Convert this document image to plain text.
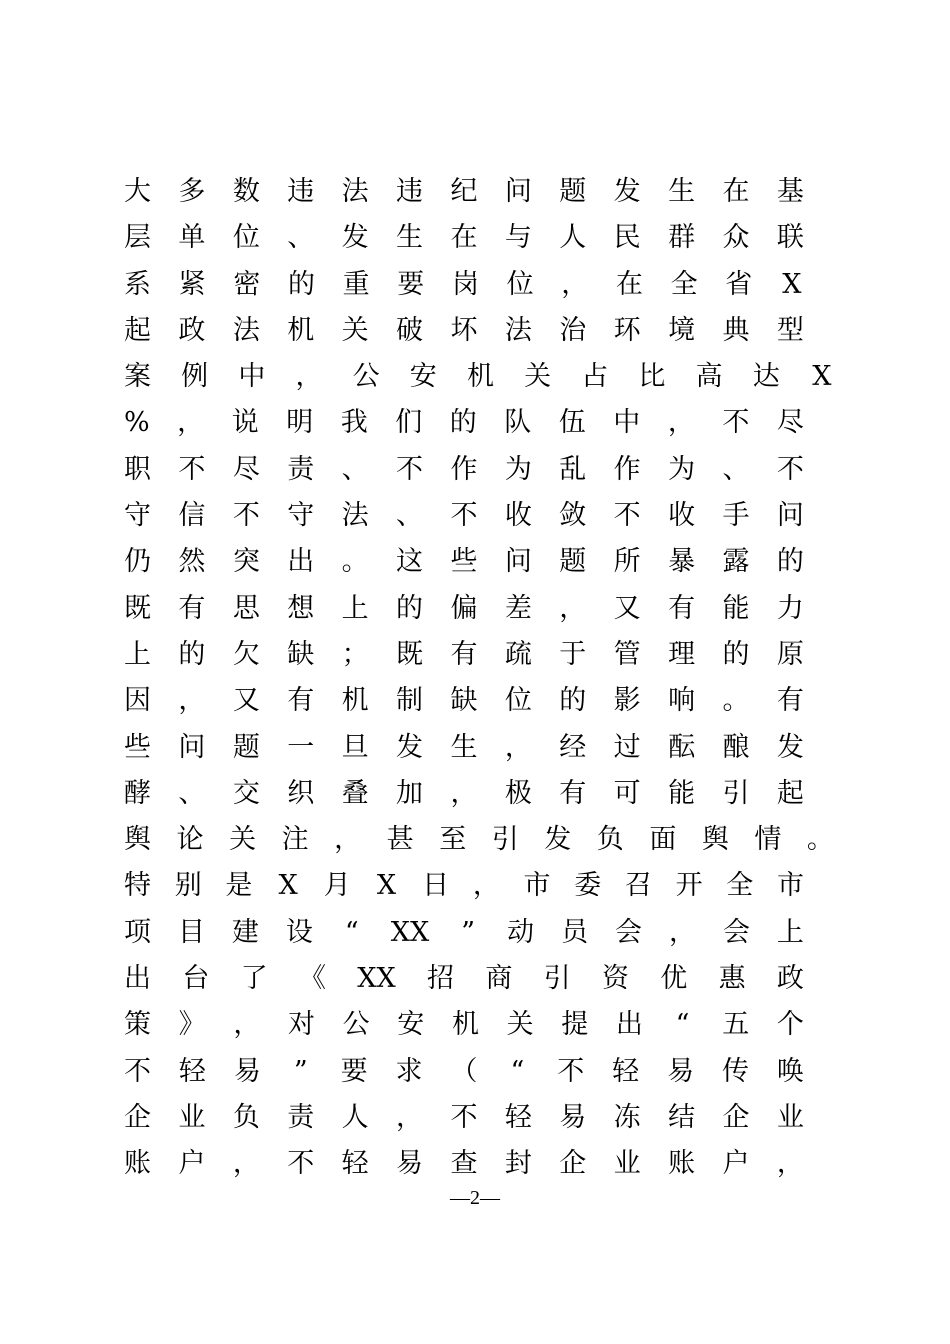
大 多 数 违 法 违 纪 问 题 发 生 在 基
层 单 位 、 发 生 在 与 人 民 群 众 联
系 紧 密 的 重 要 岗 位 ， 在 全 省 X
起 政 法 机 关 破 坏 法 治 环 境 典 型
案 例 中 ， 公 安 机 关 占 比 高 达 X
% ， 说 明 我 们 的 队 伍 中 ， 不 尽
职 不 尽 责 、 不 作 为 乱 作 为 、 不
守 信 不 守 法 、 不 收 敛 不 收 手 问
仍 然 突 出 。 这 些 问 题 所 暴 露 的
既 有 思 想 上 的 偏 差 ， 又 有 能 力
上 的 欠 缺 ； 既 有 疏 于 管 理 的 原
因 ， 又 有 机 制 缺 位 的 影 响 。 有
些 问 题 一 旦 发 生 ， 经 过 酝 酿 发
酵 、 交 织 叠 加 ， 极 有 可 能 引 起
舆 论 关 注 ， 甚 至 引 发 负 面 舆 情 。
特 别 是 X 月 X 日 ， 市 委 召 开 全 市
项 目 建 设 “ XX ” 动 员 会 ， 会 上
出 台 了 《 XX 招 商 引 资 优 惠 政
策 》 ， 对 公 安 机 关 提 出 “ 五 个
不 轻 易 ” 要 求 （ “ 不 轻 易 传 唤
企 业 负 责 人 ， 不 轻 易 冻 结 企 业
账 户 ， 不 轻 易 查 封 企 业 账 户 ，
—2—
